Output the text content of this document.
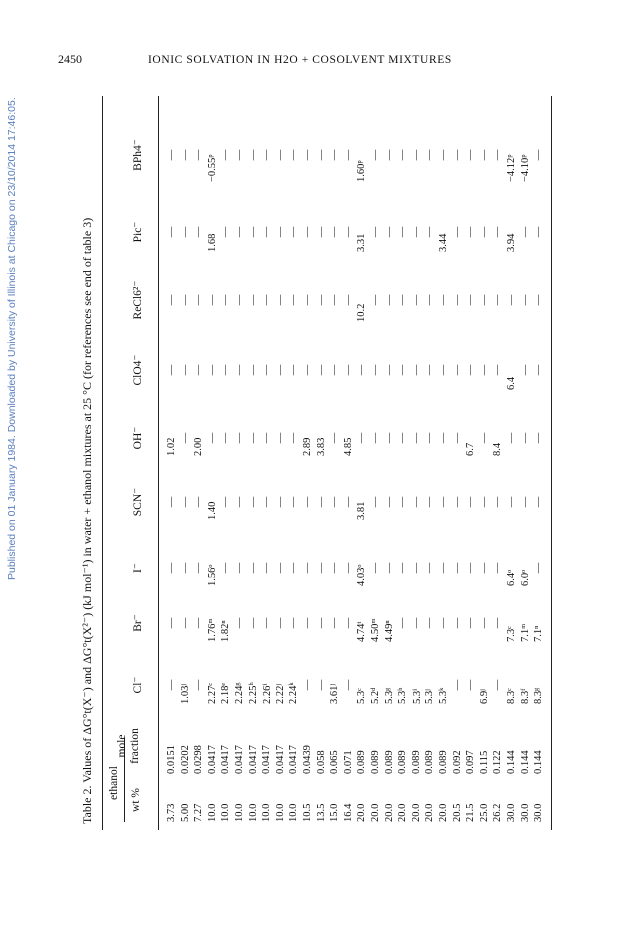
2450	IONIC SOLVATION IN H2O + COSOLVENT MIXTURES
Published on 01 January 1984. Downloaded by University of Illinois at Chicago on 23/10/2014 17:46:05.	Table 2. Values of ΔG°t(X⁻) and ΔG°t(X²⁻) (kJ mol⁻¹) in water + ethanol mixtures at 25 °C (for references see end of table 3) ethanol
wt %
mole fraction
Cl⁻
Br⁻
I⁻
SCN⁻
OH⁻
ClO4⁻
ReCl6²⁻
Pic⁻
BPh4⁻
3.73
0.0151
—
—
—
—
1.02
—
—
—
—
5.00
0.0202
1.03ʲ
—
—
—
—
—
—
—
—
7.27
0.0298
—
—
—
—
2.00
—
—
—
—
10.0
0.0417
2.27ᶜ
1.76ᵐ
1.56ᵒ
1.40
—
—
—
1.68
−0.55ᵖ
10.0
0.0417
2.18ᵉ
1.82ⁿ
—
—
—
—
—
—
—
10.0
0.0417
2.24ᵍ
—
—
—
—
—
—
—
—
10.0
0.0417
2.25ʰ
—
—
—
—
—
—
—
—
10.0
0.0417
2.26ⁱ
—
—
—
—
—
—
—
—
10.0
0.0417
2.22ʲ
—
—
—
—
—
—
—
—
10.0
0.0417
2.24ᵏ
—
—
—
—
—
—
—
—
10.5
0.0439
—
—
—
—
2.89
—
—
—
—
13.5
0.058
—
—
—
—
3.83
—
—
—
—
15.0
0.065
3.61ʲ
—
—
—
—
—
—
—
—
16.4
0.071
—
—
—
—
4.85
—
—
—
—
20.0
0.089
5.3ᶜ
4.74ᵗ
4.03ᵒ
3.81
—
—
10.2
3.31
1.60ᵖ
20.0
0.089
5.2ᵈ
4.50ᵐ
—
—
—
—
—
—
—
20.0
0.089
5.3ᵍ
4.49ⁿ
—
—
—
—
—
—
—
20.0
0.089
5.3ʰ
—
—
—
—
—
—
—
—
20.0
0.089
5.3ⁱ
—
—
—
—
—
—
—
—
20.0
0.089
5.3ʲ
—
—
—
—
—
—
—
—
20.0
0.089
5.3ᵏ
—
—
—
—
—
—
3.44
—
20.5
0.092
—
—
—
—
—
—
—
—
—
21.5
0.097
—
—
—
—
6.7
—
—
—
—
25.0
0.115
6.9ʲ
—
—
—
—
—
—
—
—
26.2
0.122
—
—
—
—
8.4
—
—
—
—
30.0
0.144
8.3ᶜ
7.3ᶜ
6.4ᵒ
—
—
6.4
—
3.94
−4.12ᵖ
30.0
0.144
8.3ᶠ
7.1ᵐ
6.0ᵒ
—
—
—
—
—
−4.10ᵖ
30.0
0.144
8.3ᵍ
7.1ⁿ
—
—
—
—
—
—
—
